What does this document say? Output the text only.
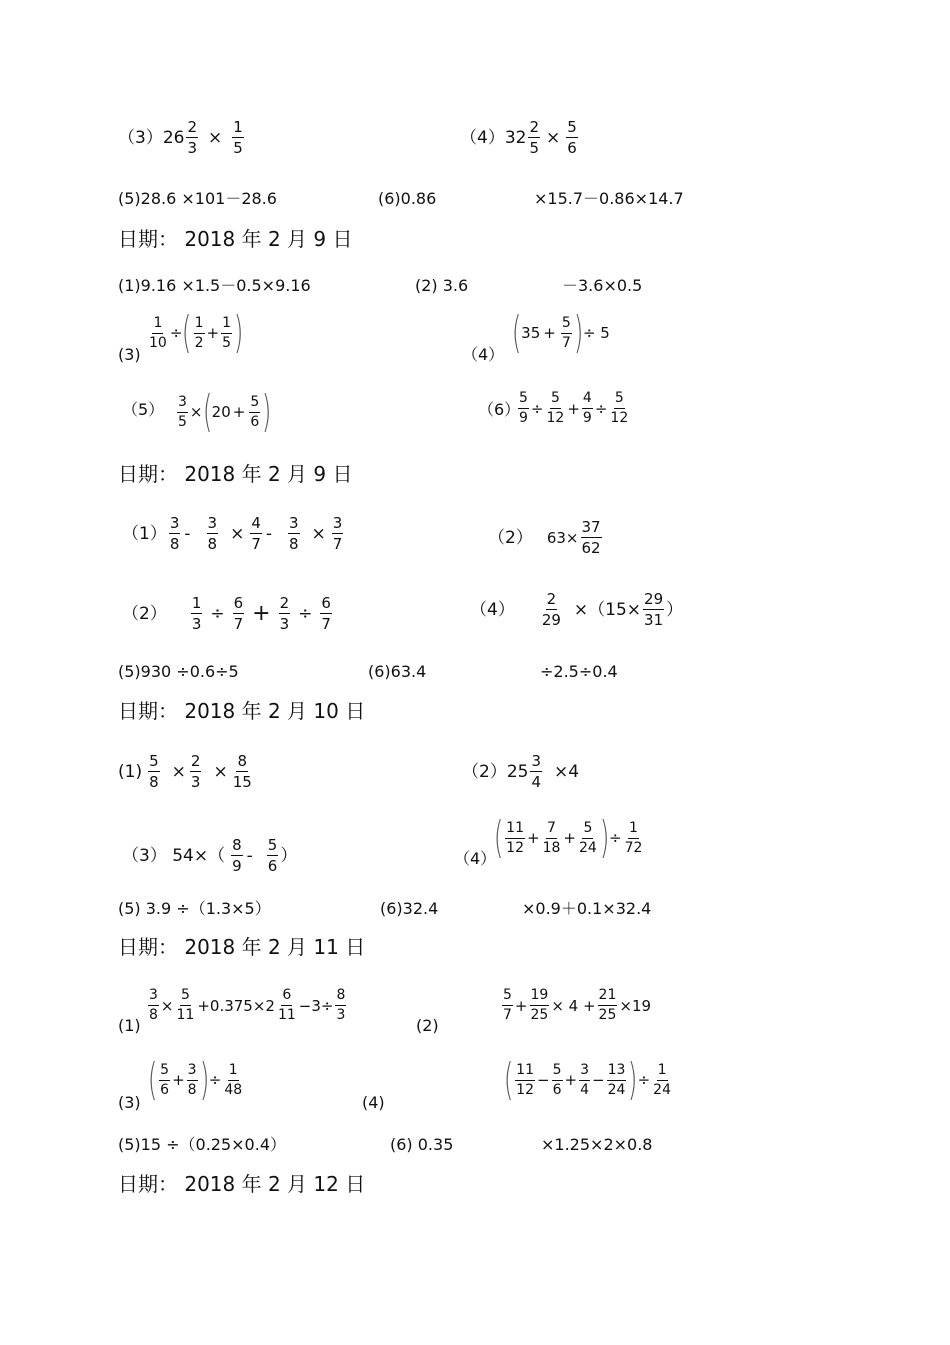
$(3)26 \frac{2}{3} \times \frac{1}{5}$	$(4)32 \frac{2}{5} \times \frac{5}{6}$
(5)28.6 ×101－28.6	(6)0.86	×15.7－0.86×14.7
日期： 2018 年 2 月 9 日
(1)9.16 ×1.5－0.5×9.16	(2) 3.6	－3.6×0.5
(3)
$\frac{1}{10}$ ÷( $\frac{1}{2} + \frac{1}{5}$ )	（4） ($35 + \frac{5}{7}$ )÷ 5
$(5) \frac{3}{5} \times(20 + \frac{5}{6}$ )	（6）
$\frac{5}{9} \div \frac{5}{12} + \frac{4}{9} \div \frac{5}{12}$
日期： 2018 年 2 月 9 日
$(1) \frac{3}{8} - \frac{3}{8} \times \frac{4}{7} - \frac{3}{8} \times \frac{3}{7}$	（2） $63\times \frac{37}{62}$
$(2) \frac{1}{3} \div \frac{6}{7} + \frac{2}{3} \div \frac{6}{7}$	$(4) \frac{2}{29} \times(15\times \frac{29}{31}$ ）
(5)930 ÷0.6÷5	(6)63.4	÷2.5÷0.4
日期： 2018 年 2 月 10 日
$(1) \frac{5}{8} \times \frac{2}{3} \times \frac{8}{15}$	$(2)25 \frac{3}{4} \times 4$
（3） $54\times( \frac{8}{9} - \frac{5}{6}$ ）	（4）
( $\frac{11}{12} + \frac{7}{18} + \frac{5}{24}$ )÷ $\frac{1}{72}$
(5) 3.9 ÷（1.3×5）	(6)32.4	×0.9＋0.1×32.4
日期： 2018 年 2 月 11 日
(1)
$\frac{3}{8} \times \frac{5}{11} +0.375\times 2 \frac{6}{11} -3\div \frac{8}{3}$
(2)
$\frac{5}{7} + \frac{19}{25} \times 4 + \frac{21}{25} \times 19$
(3) ( $\frac{5}{6} + \frac{3}{8}$ )÷ $\frac{1}{48}$
(4)	( $\frac{11}{12} - \frac{5}{6} + \frac{3}{4} - \frac{13}{24}$ )÷ $\frac{1}{24}$
(5)15 ÷（0.25×0.4）	(6) 0.35	×1.25×2×0.8
日期： 2018 年 2 月 12 日
